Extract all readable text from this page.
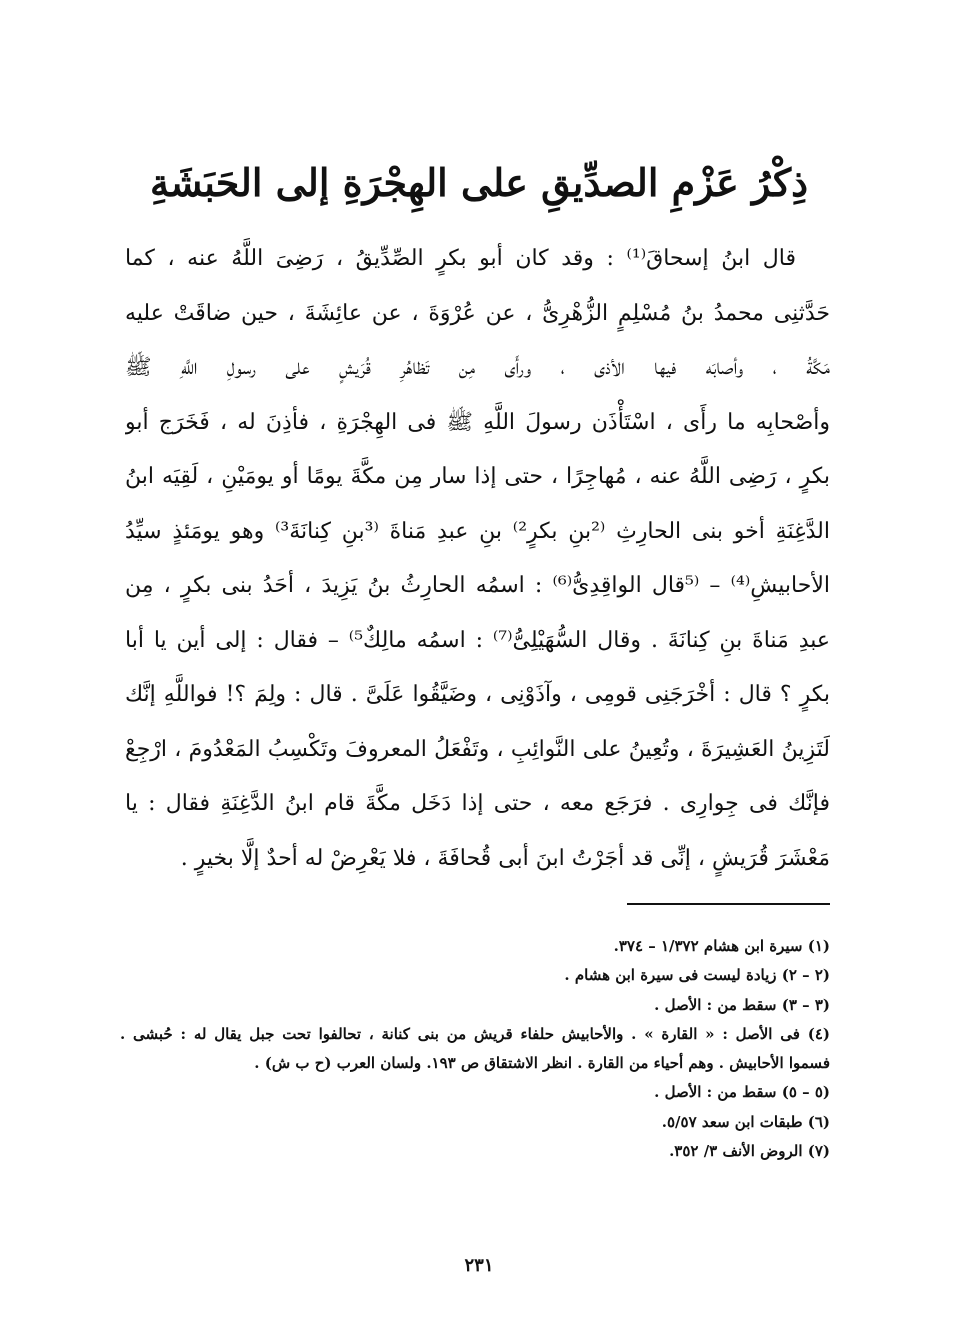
ذِكْرُ عَزْمِ الصدِّيقِ على الهِجْرَةِ إلى الحَبَشَةِ
قال ابنُ إسحاقَ⁽¹⁾ : وقد كان أبو بكرٍ الصِّدِّيقُ ، رَضِىَ اللَّهُ عنه ، كما
حَدَّثنِى محمدُ بنُ مُسْلِمٍ الزُّهْرِىُّ ، عن عُرْوَةَ ، عن عائِشَةَ ، حين ضاقَتْ عليه
مَكَّةُ ، وأصابَه فيها الأذى ، ورأَى مِن تَظاهُرِ قُرَيشٍ على رسولِ اللَّهِ ﷺ
وأصْحابِه ما رأَى ، اسْتَأْذَن رسولَ اللَّهِ ﷺ فى الهِجْرَةِ ، فأذِنَ له ، فَخَرَج أبو
بكرٍ ، رَضِى اللَّهُ عنه ، مُهاجِرًا ، حتى إذا سار مِن مكَّةَ يومًا أو يومَيْنِ ، لَقِيَه ابنُ
الدَّغِنَةِ أخو بنى الحارِثِ ⁽²بنِ بكرٍ²⁾ بنِ عبدِ مَناةَ ⁽³بنِ كِنانَةَ³⁾ وهو يومَئذٍ سيِّدُ
الأحابيشِ⁽⁴⁾ – ⁽⁵قال الواقِدِىُّ⁽⁶⁾ : اسمُه الحارِثُ بنُ يَزِيدَ ، أحَدُ بنى بكرٍ ، مِن
عبدِ مَناةَ بنِ كِنانَةَ . وقال السُّهَيْلِىُّ⁽⁷⁾ : اسمُه مالِكٌ⁵⁾ – فقال : إلى أين يا أبا
بكرٍ ؟ قال : أخْرَجَنِى قومِى ، وآذَوْنِى ، وضَيَّقُوا عَلَىَّ . قال : ولِمَ ؟! فواللَّهِ إنَّك
لَتَزِينُ العَشِيرَةَ ، وتُعِينُ على النَّوائِبِ ، وتَفْعَلُ المعروفَ وتَكْسِبُ المَعْدُومَ ، ارْجِعْ
فإنَّك فى جِوارِى . فرَجَع معه ، حتى إذا دَخَل مكَّةَ قام ابنُ الدَّغِنَةِ فقال : يا
مَعْشَرَ قُرَيشٍ ، إنِّى قد أجَرْتُ ابنَ أبى قُحافَةَ ، فلا يَعْرِضْ له أحدٌ إلَّا بخيرٍ .
(١) سيرة ابن هشام ١/٣٧٢ – ٣٧٤.
(٢ – ٢) زيادة ليست فى سيرة ابن هشام .
(٣ – ٣) سقط من : الأصل .
(٤) فى الأصل : « القارة » . والأحابيش حلفاء قريش من بنى كنانة ، تحالفوا تحت جبل يقال له : حُبشى .
فسموا الأحابيش . وهم أحياء من القارة . انظر الاشتقاق ص ١٩٣. ولسان العرب (ح ب ش) .
(٥ – ٥) سقط من : الأصل .
(٦) طبقات ابن سعد ٥/٥٧.
(٧) الروض الأنف ٣/ ٣٥٢.
٢٣١
